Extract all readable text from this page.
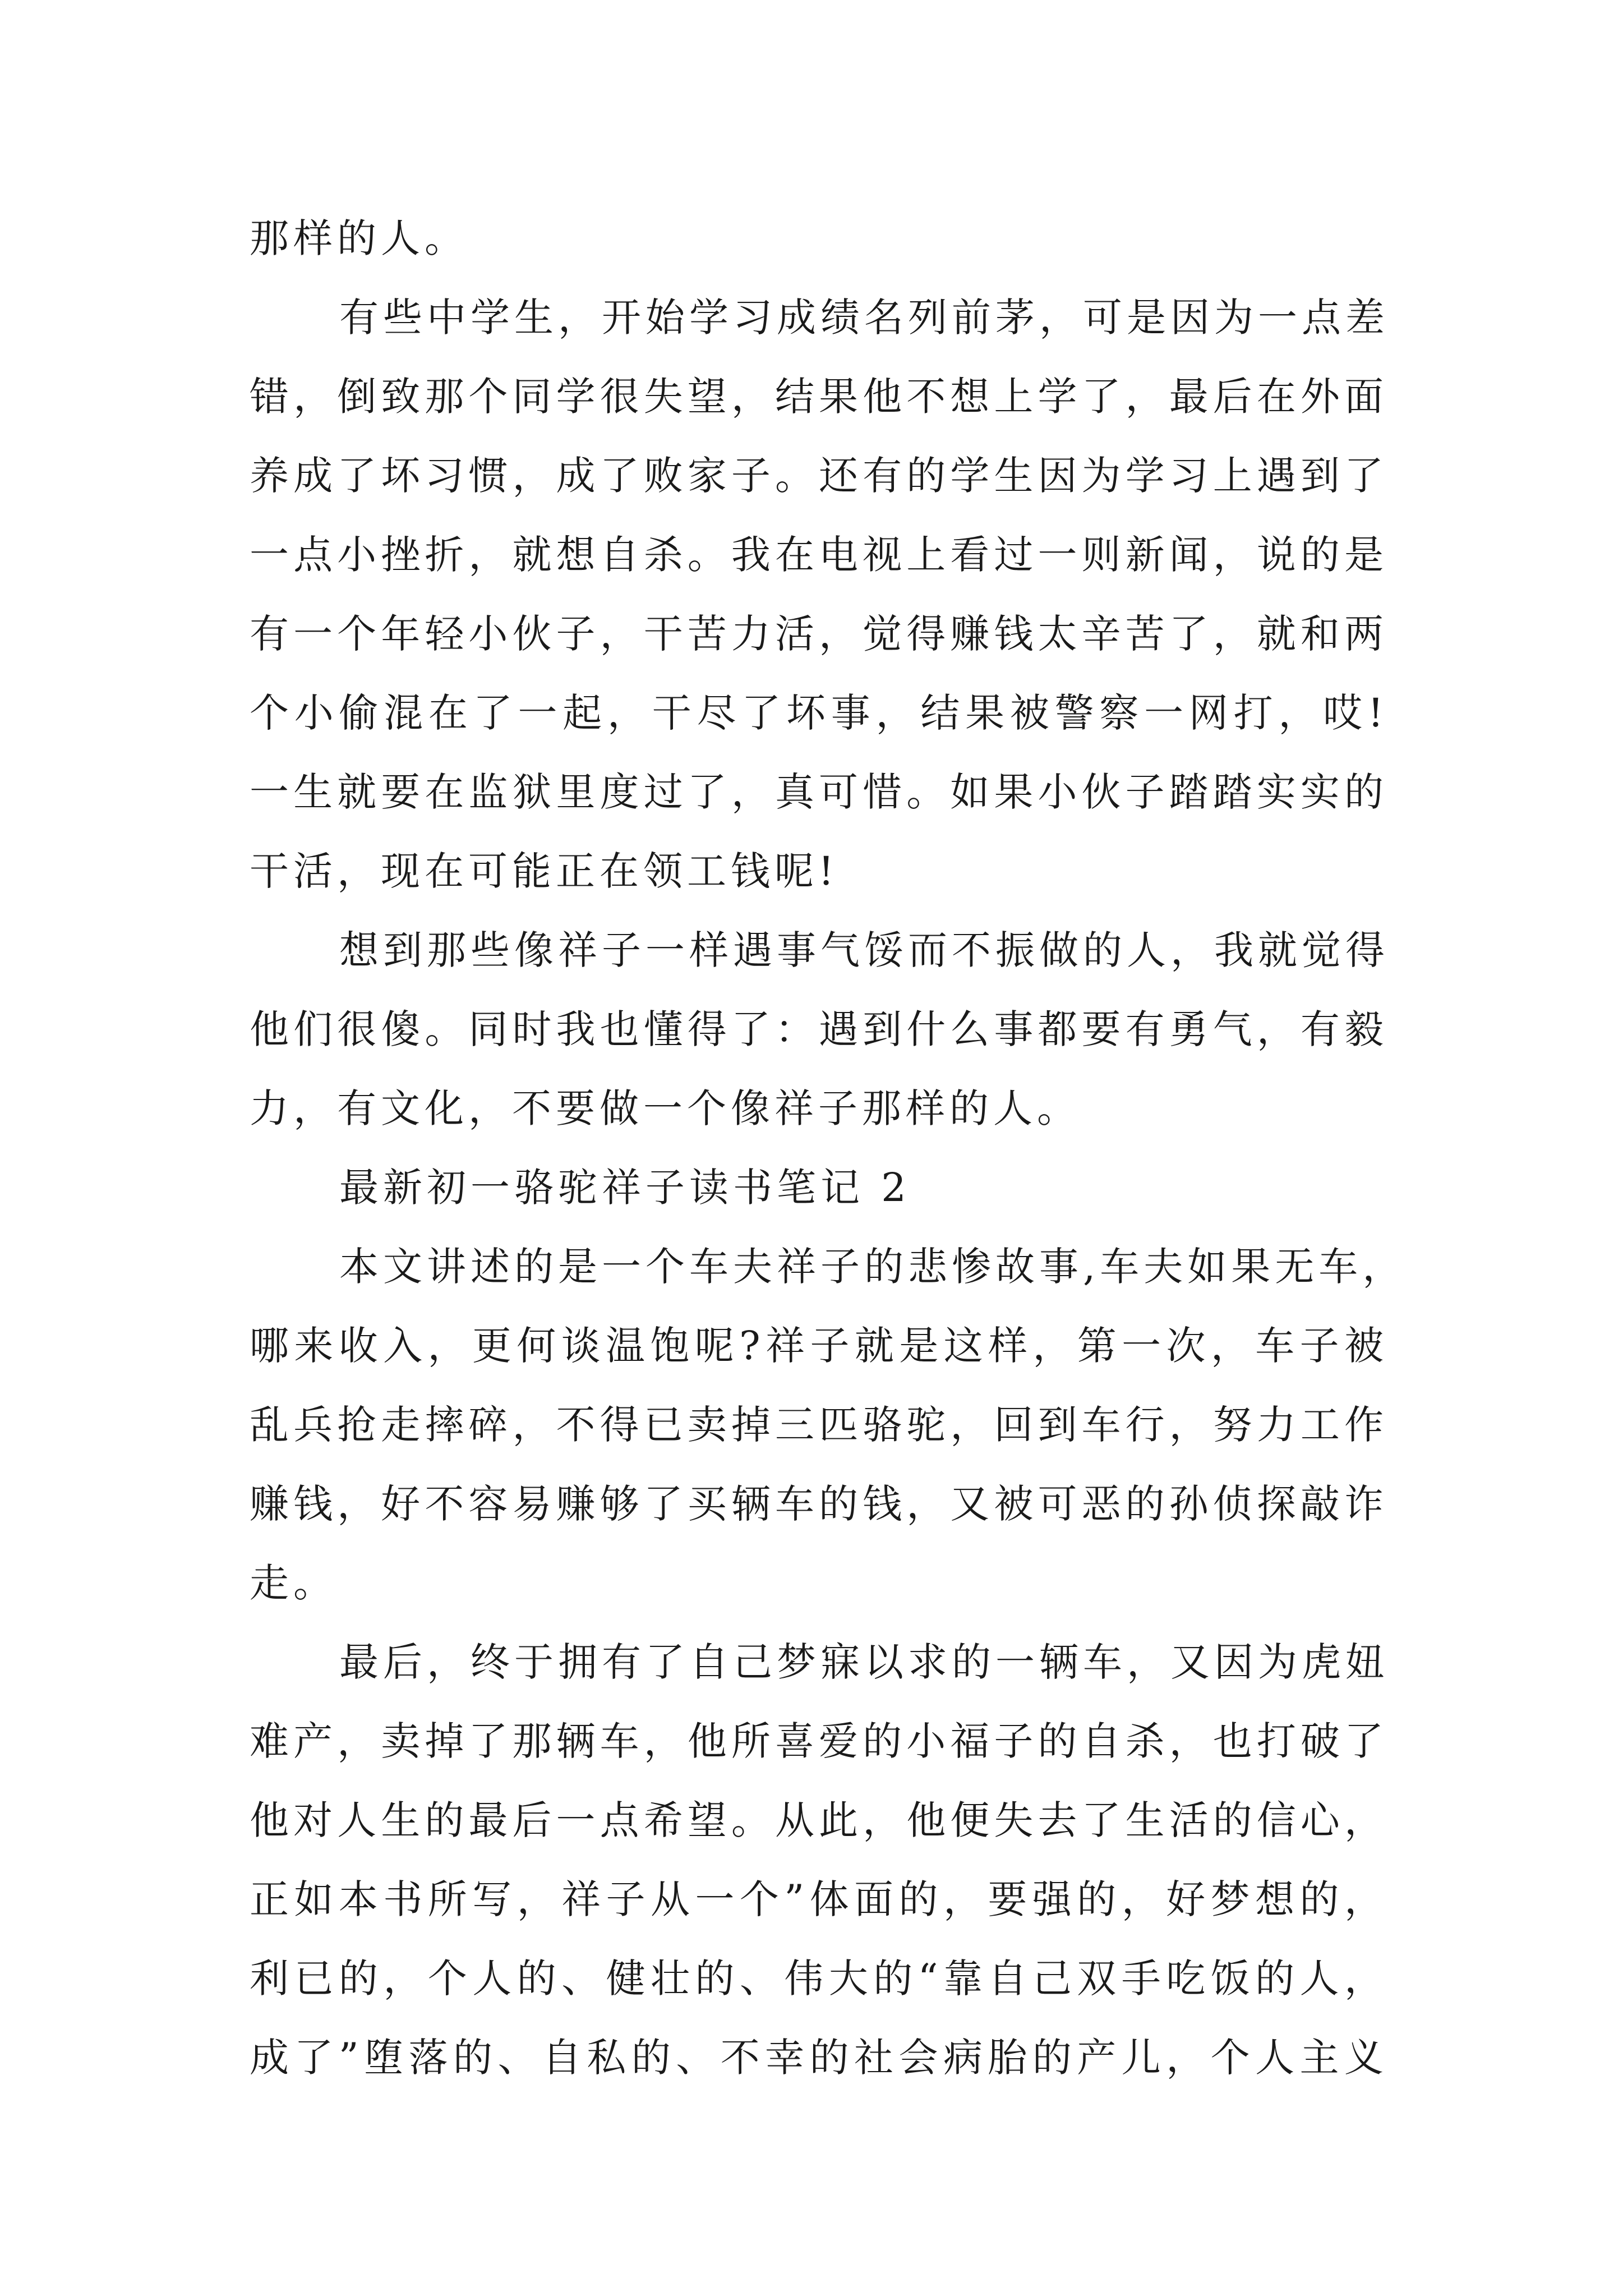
那样的人。

有些中学生，开始学习成绩名列前茅，可是因为一点差
错，倒致那个同学很失望，结果他不想上学了，最后在外面
养成了坏习惯，成了败家子。还有的学生因为学习上遇到了
一点小挫折，就想自杀。我在电视上看过一则新闻，说的是
有一个年轻小伙子，干苦力活，觉得赚钱太辛苦了，就和两
个小偷混在了一起，干尽了坏事，结果被警察一网打，哎!
一生就要在监狱里度过了，真可惜。如果小伙子踏踏实实的
干活，现在可能正在领工钱呢!

想到那些像祥子一样遇事气馁而不振做的人，我就觉得
他们很傻。同时我也懂得了：遇到什么事都要有勇气，有毅
力，有文化，不要做一个像祥子那样的人。

最新初一骆驼祥子读书笔记 2

本文讲述的是一个车夫祥子的悲惨故事,车夫如果无车，
哪来收入，更何谈温饱呢?祥子就是这样，第一次，车子被
乱兵抢走摔碎，不得已卖掉三匹骆驼，回到车行，努力工作
赚钱，好不容易赚够了买辆车的钱，又被可恶的孙侦探敲诈
走。

最后，终于拥有了自己梦寐以求的一辆车，又因为虎妞
难产，卖掉了那辆车，他所喜爱的小福子的自杀，也打破了
他对人生的最后一点希望。从此，他便失去了生活的信心，
正如本书所写，祥子从一个”体面的，要强的，好梦想的，
利已的，个人的、健壮的、伟大的“靠自己双手吃饭的人，
成了”堕落的、自私的、不幸的社会病胎的产儿，个人主义
